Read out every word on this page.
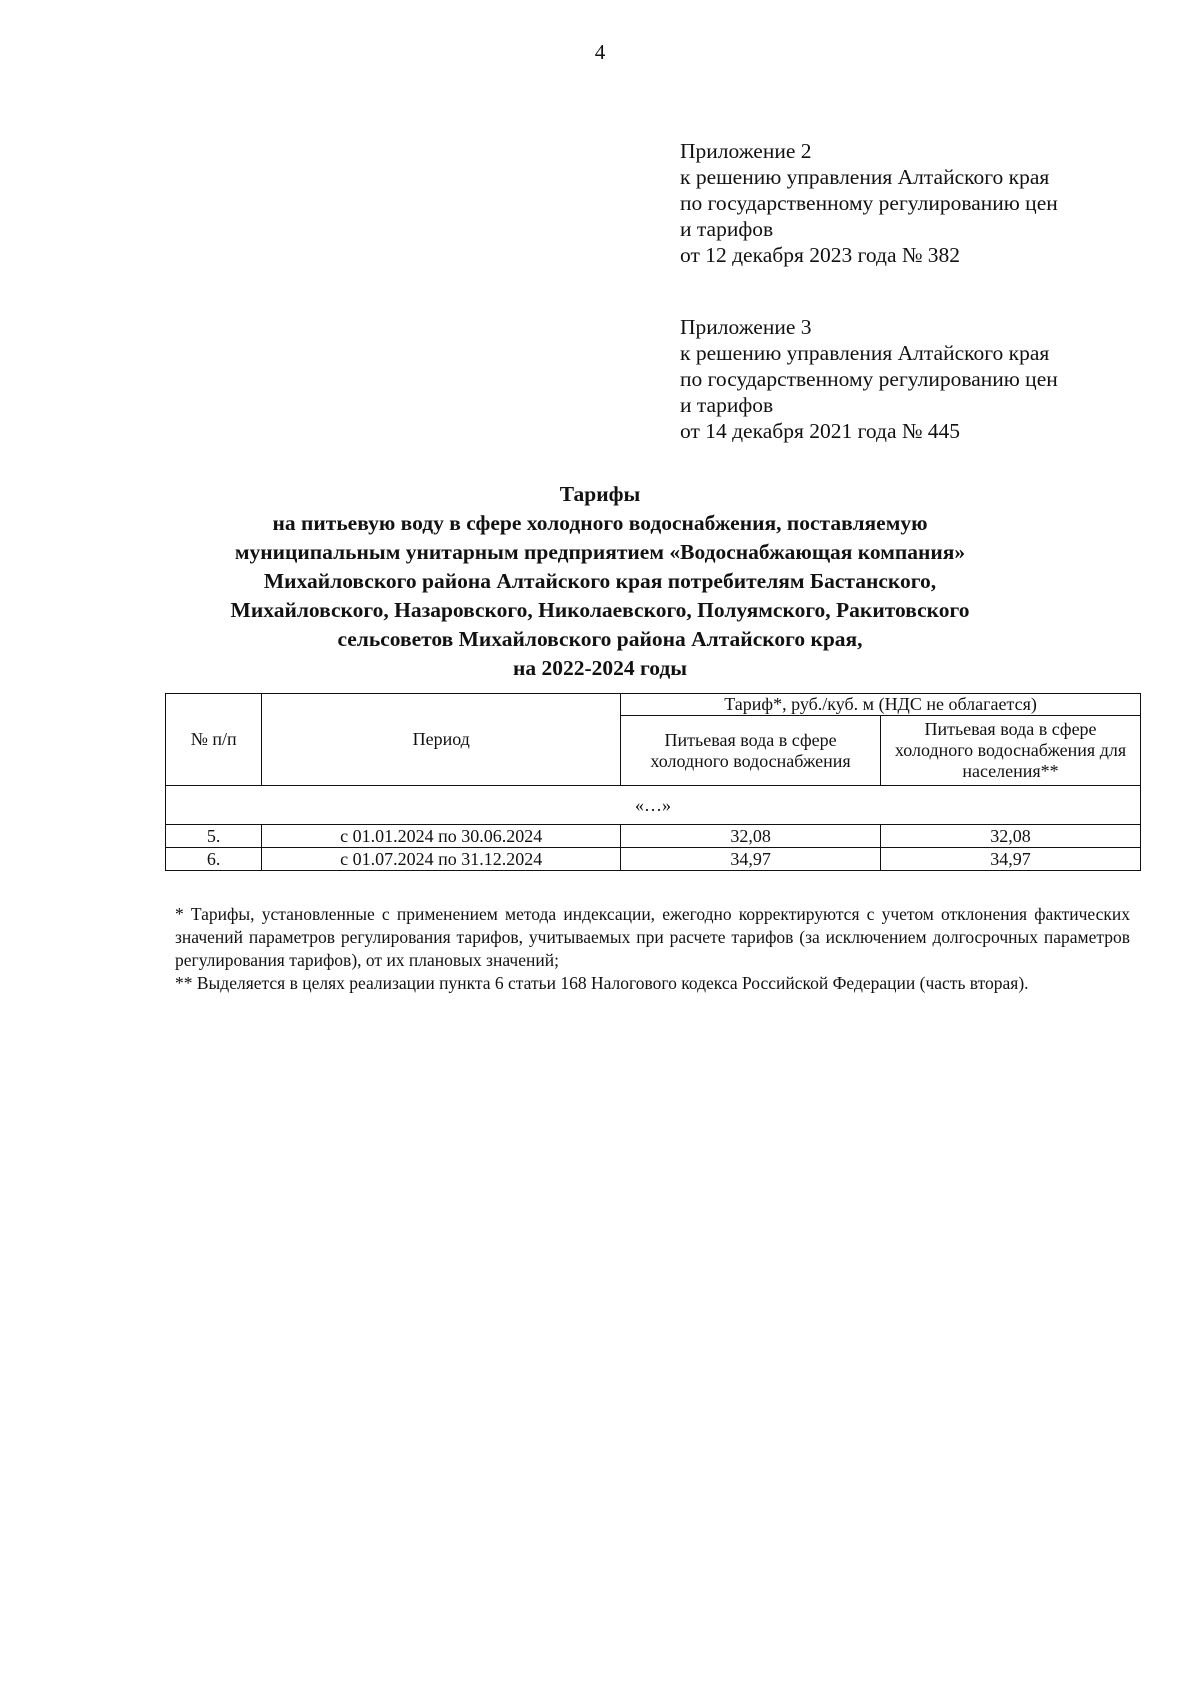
4
Приложение 2
к решению управления Алтайского края
по государственному регулированию цен
и тарифов
от 12 декабря 2023 года № 382
Приложение 3
к решению управления Алтайского края
по государственному регулированию цен
и тарифов
от 14 декабря 2021 года № 445
Тарифы
на питьевую воду в сфере холодного водоснабжения, поставляемую
муниципальным унитарным предприятием «Водоснабжающая компания»
Михайловского района Алтайского края потребителям Бастанского,
Михайловского, Назаровского, Николаевского, Полуямского, Ракитовского
сельсоветов Михайловского района Алтайского края,
на 2022-2024 годы
№ п/п	Период	Тариф*, руб./куб. м (НДС не облагается)	
		Питьевая вода в сфере холодного водоснабжения	Питьевая вода в сфере холодного водоснабжения для населения**
«…»			
5.	с 01.01.2024 по 30.06.2024	32,08	32,08
6.	с 01.07.2024 по 31.12.2024	34,97	34,97

* Тарифы, установленные с применением метода индексации, ежегодно корректируются с учетом отклонения фактических значений параметров регулирования тарифов, учитываемых при расчете тарифов (за исключением долгосрочных параметров регулирования тарифов), от их плановых значений;

** Выделяется в целях реализации пункта 6 статьи 168 Налогового кодекса Российской Федерации (часть вторая).
